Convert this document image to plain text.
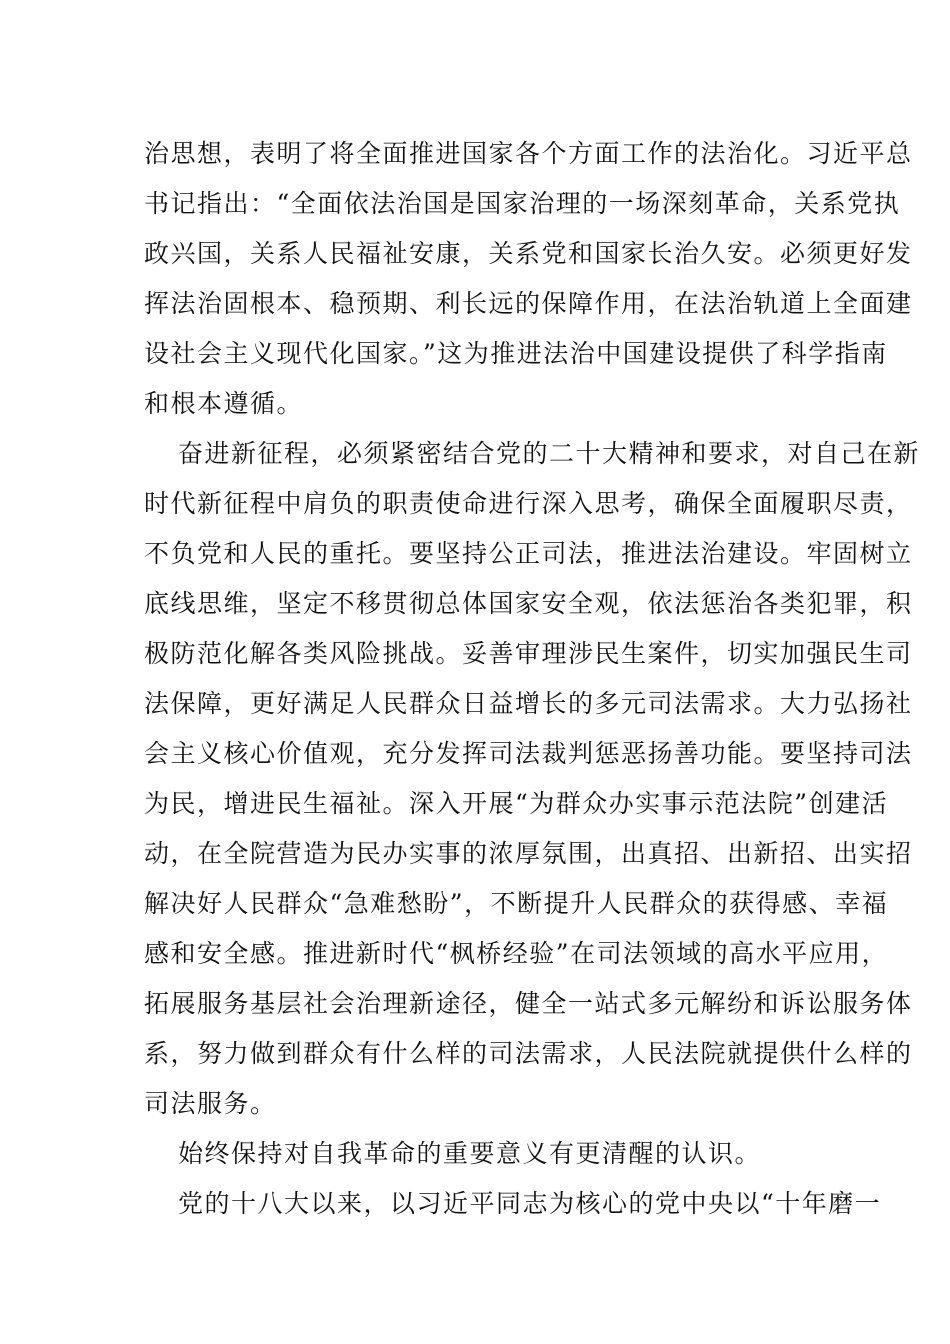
治思想，表明了将全面推进国家各个方面工作的法治化。习近平总
书记指出：“全面依法治国是国家治理的一场深刻革命，关系党执
政兴国，关系人民福祉安康，关系党和国家长治久安。必须更好发
挥法治固根本、稳预期、利长远的保障作用，在法治轨道上全面建
设社会主义现代化国家。”这为推进法治中国建设提供了科学指南
和根本遵循。
奋进新征程，必须紧密结合党的二十大精神和要求，对自己在新
时代新征程中肩负的职责使命进行深入思考，确保全面履职尽责，
不负党和人民的重托。要坚持公正司法，推进法治建设。牢固树立
底线思维，坚定不移贯彻总体国家安全观，依法惩治各类犯罪，积
极防范化解各类风险挑战。妥善审理涉民生案件，切实加强民生司
法保障，更好满足人民群众日益增长的多元司法需求。大力弘扬社
会主义核心价值观，充分发挥司法裁判惩恶扬善功能。要坚持司法
为民，增进民生福祉。深入开展“为群众办实事示范法院”创建活
动，在全院营造为民办实事的浓厚氛围，出真招、出新招、出实招
解决好人民群众“急难愁盼”，不断提升人民群众的获得感、幸福
感和安全感。推进新时代“枫桥经验”在司法领域的高水平应用，
拓展服务基层社会治理新途径，健全一站式多元解纷和诉讼服务体
系，努力做到群众有什么样的司法需求，人民法院就提供什么样的
司法服务。
始终保持对自我革命的重要意义有更清醒的认识。
党的十八大以来，以习近平同志为核心的党中央以“十年磨一
